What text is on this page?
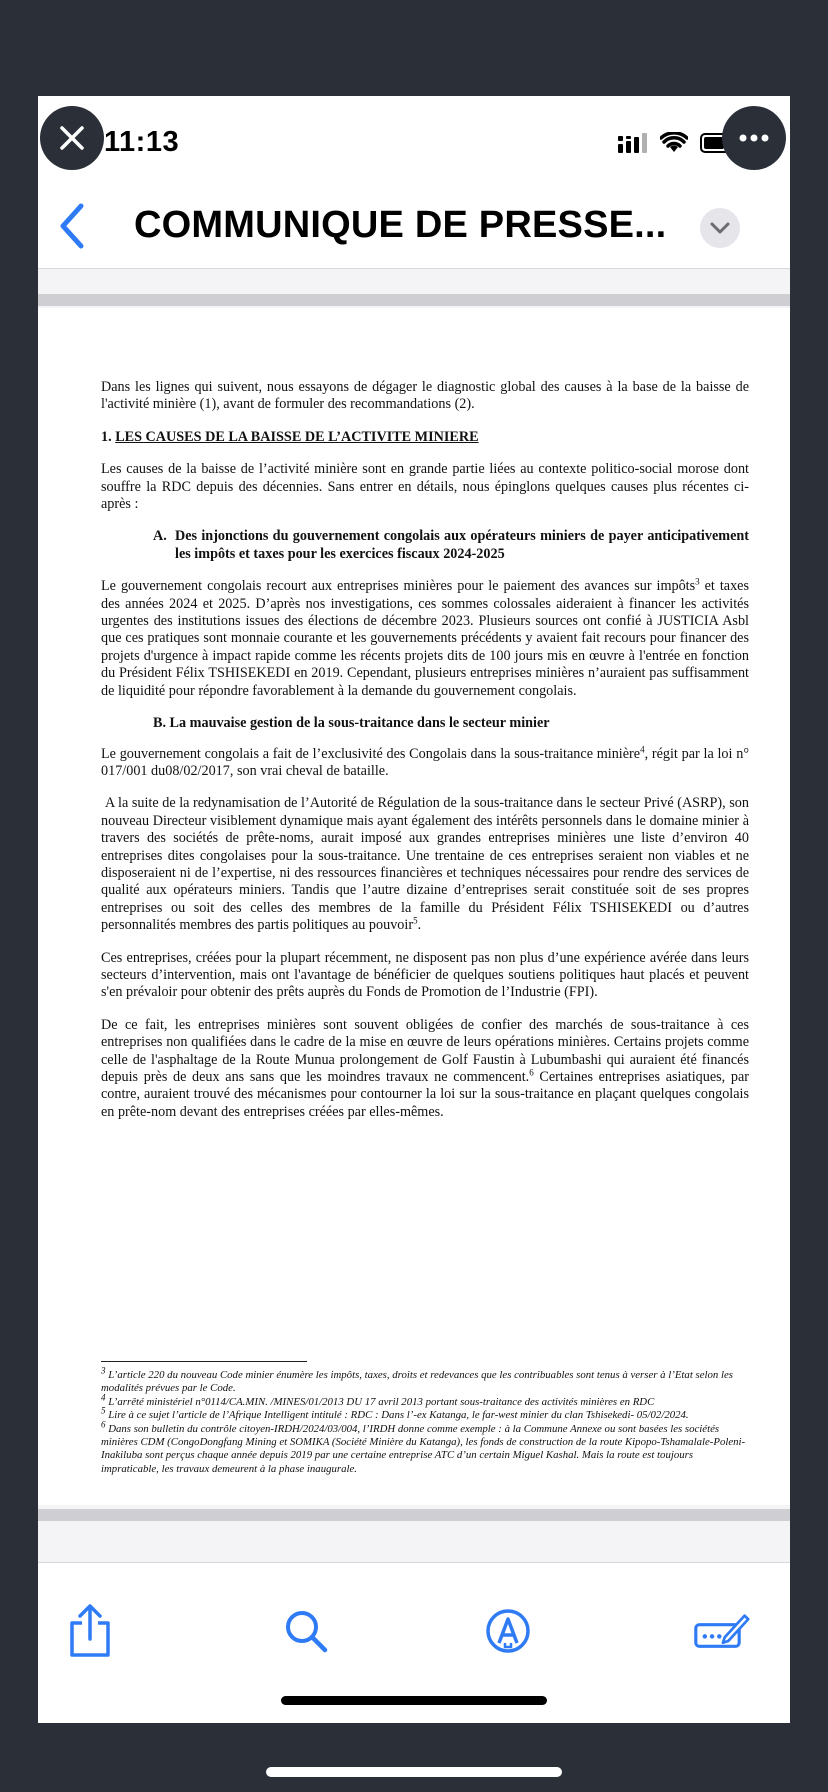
11:13
COMMUNIQUE DE PRESSE...

Dans les lignes qui suivent, nous essayons de dégager le diagnostic global des causes à la base de la baisse de l'activité minière (1), avant de formuler des recommandations (2).

1. LES CAUSES DE LA BAISSE DE L’ACTIVITE MINIERE

Les causes de la baisse de l’activité minière sont en grande partie liées au contexte politico-social morose dont souffre la RDC depuis des décennies. Sans entrer en détails, nous épinglons quelques causes plus récentes ci-après :

A. Des injonctions du gouvernement congolais aux opérateurs miniers de payer anticipativement les impôts et taxes pour les exercices fiscaux 2024-2025

Le gouvernement congolais recourt aux entreprises minières pour le paiement des avances sur impôts$^3$ et taxes des années 2024 et 2025. D’après nos investigations, ces sommes colossales aideraient à financer les activités urgentes des institutions issues des élections de décembre 2023. Plusieurs sources ont confié à JUSTICIA Asbl que ces pratiques sont monnaie courante et les gouvernements précédents y avaient fait recours pour financer des projets d'urgence à impact rapide comme les récents projets dits de 100 jours mis en œuvre à l'entrée en fonction du Président Félix TSHISEKEDI en 2019. Cependant, plusieurs entreprises minières n’auraient pas suffisamment de liquidité pour répondre favorablement à la demande du gouvernement congolais.

B. La mauvaise gestion de la sous-traitance dans le secteur minier

Le gouvernement congolais a fait de l’exclusivité des Congolais dans la sous-traitance minière$^4$, régit par la loi n° 017/001 du08/02/2017, son vrai cheval de bataille.

A la suite de la redynamisation de l’Autorité de Régulation de la sous-traitance dans le secteur Privé (ASRP), son nouveau Directeur visiblement dynamique mais ayant également des intérêts personnels dans le domaine minier à travers des sociétés de prête-noms, aurait imposé aux grandes entreprises minières une liste d’environ 40 entreprises dites congolaises pour la sous-traitance. Une trentaine de ces entreprises seraient non viables et ne disposeraient ni de l’expertise, ni des ressources financières et techniques nécessaires pour rendre des services de qualité aux opérateurs miniers. Tandis que l’autre dizaine d’entreprises serait constituée soit de ses propres entreprises ou soit des celles des membres de la famille du Président Félix TSHISEKEDI ou d’autres personnalités membres des partis politiques au pouvoir$^5$.

Ces entreprises, créées pour la plupart récemment, ne disposent pas non plus d’une expérience avérée dans leurs secteurs d’intervention, mais ont l'avantage de bénéficier de quelques soutiens politiques haut placés et peuvent s'en prévaloir pour obtenir des prêts auprès du Fonds de Promotion de l’Industrie (FPI).

De ce fait, les entreprises minières sont souvent obligées de confier des marchés de sous-traitance à ces entreprises non qualifiées dans le cadre de la mise en œuvre de leurs opérations minières. Certains projets comme celle de l'asphaltage de la Route Munua prolongement de Golf Faustin à Lubumbashi qui auraient été financés depuis près de deux ans sans que les moindres travaux ne commencent.$^6$ Certaines entreprises asiatiques, par contre, auraient trouvé des mécanismes pour contourner la loi sur la sous-traitance en plaçant quelques congolais en prête-nom devant des entreprises créées par elles-mêmes.

$^3$ L’article 220 du nouveau Code minier énumère les impôts, taxes, droits et redevances que les contribuables sont tenus à verser à l’Etat selon les modalités prévues par le Code.

$^4$ L’arrêté ministériel n°0114/CA.MIN. /MINES/01/2013 DU 17 avril 2013 portant sous-traitance des activités minières en RDC

$^5$ Lire à ce sujet l’article de l’Afrique Intelligent intitulé : RDC : Dans l’-ex Katanga, le far-west minier du clan Tshisekedi- 05/02/2024.

$^6$ Dans son bulletin du contrôle citoyen-IRDH/2024/03/004, l’IRDH donne comme exemple : à la Commune Annexe ou sont basées les sociétés minières CDM (CongoDongfang Mining et SOMIKA (Société Minière du Katanga), les fonds de construction de la route Kipopo-Tshamalale-Poleni-Inakiluba sont perçus chaque année depuis 2019 par une certaine entreprise ATC d’un certain Miguel Kashal. Mais la route est toujours impraticable, les travaux demeurent à la phase inaugurale.
